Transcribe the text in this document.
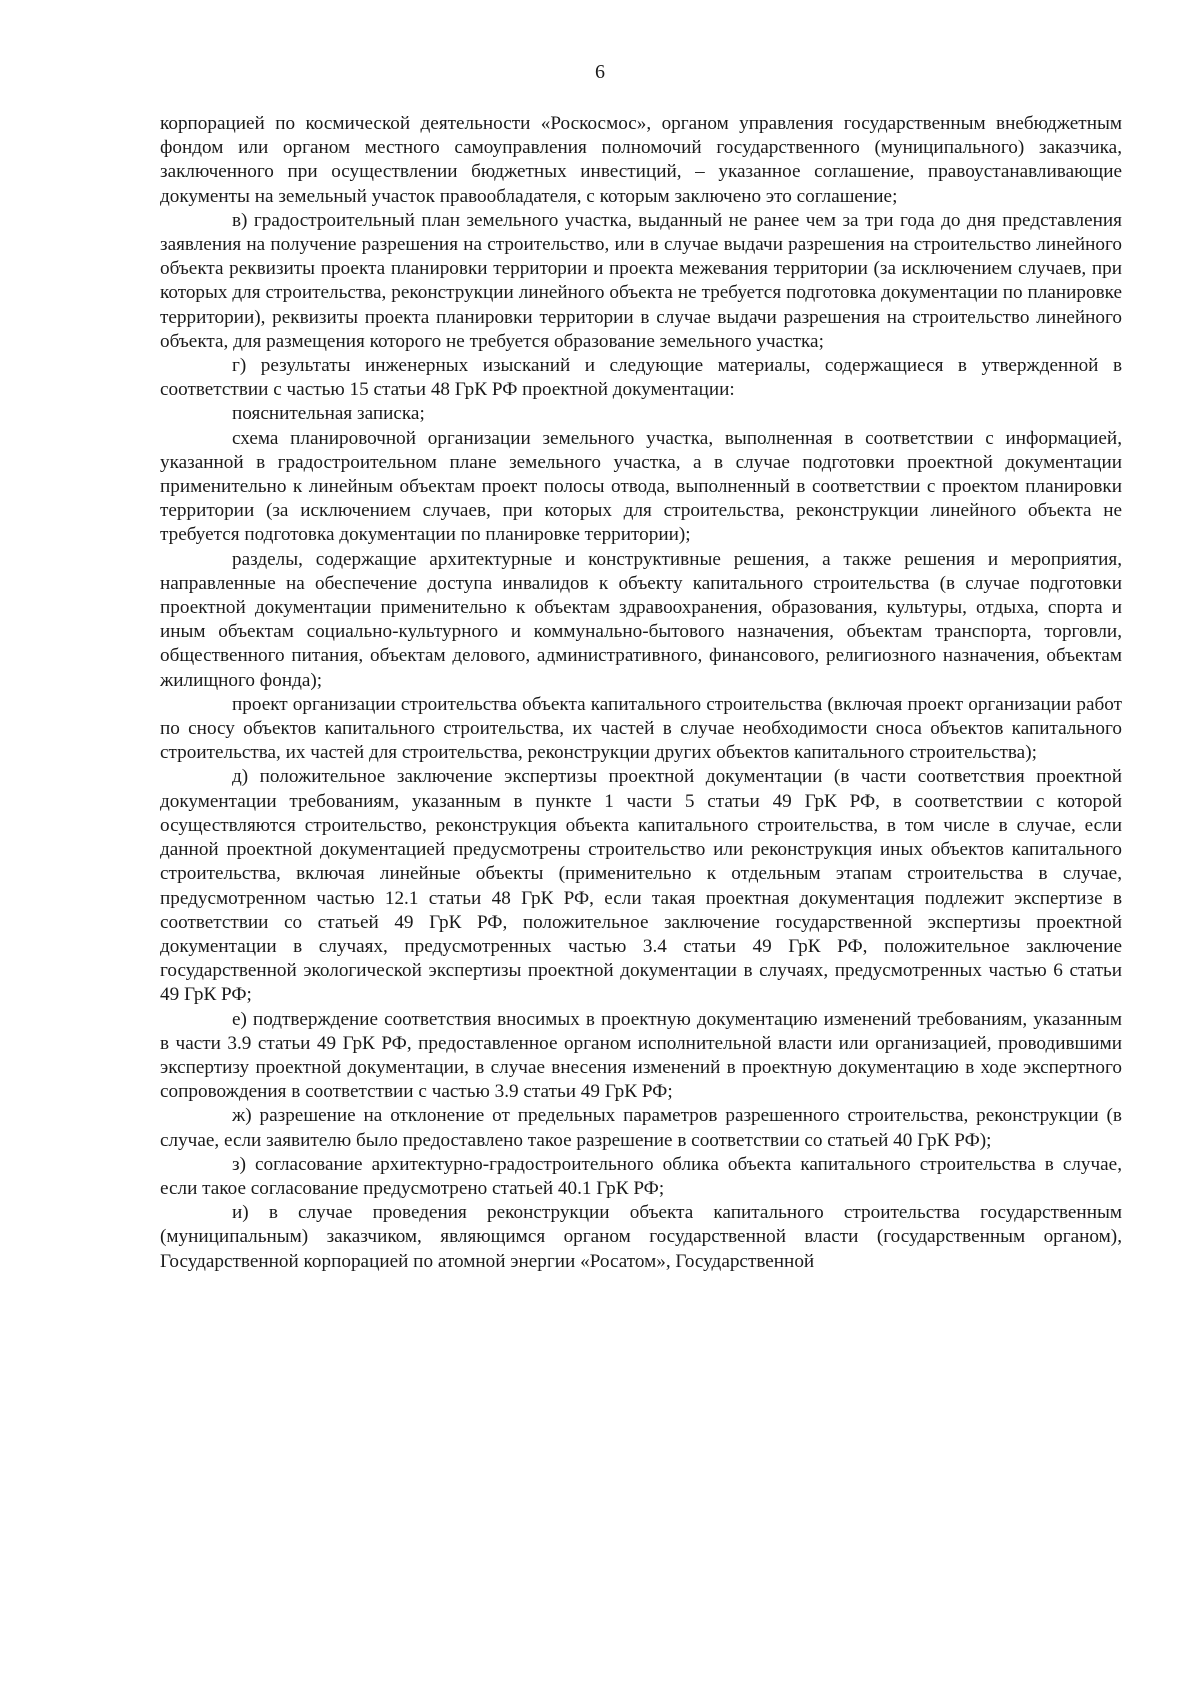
6

корпорацией по космической деятельности «Роскосмос», органом управления государственным внебюджетным фондом или органом местного самоуправления полномочий государственного (муниципального) заказчика, заключенного при осуществлении бюджетных инвестиций, – указанное соглашение, правоустанавливающие документы на земельный участок правообладателя, с которым заключено это соглашение;

в) градостроительный план земельного участка, выданный не ранее чем за три года до дня представления заявления на получение разрешения на строительство, или в случае выдачи разрешения на строительство линейного объекта реквизиты проекта планировки территории и проекта межевания территории (за исключением случаев, при которых для строительства, реконструкции линейного объекта не требуется подготовка документации по планировке территории), реквизиты проекта планировки территории в случае выдачи разрешения на строительство линейного объекта, для размещения которого не требуется образование земельного участка;

г) результаты инженерных изысканий и следующие материалы, содержащиеся в утвержденной в соответствии с частью 15 статьи 48 ГрК РФ проектной документации:

пояснительная записка;

схема планировочной организации земельного участка, выполненная в соответствии с информацией, указанной в градостроительном плане земельного участка, а в случае подготовки проектной документации применительно к линейным объектам проект полосы отвода, выполненный в соответствии с проектом планировки территории (за исключением случаев, при которых для строительства, реконструкции линейного объекта не требуется подготовка документации по планировке территории);

разделы, содержащие архитектурные и конструктивные решения, а также решения и мероприятия, направленные на обеспечение доступа инвалидов к объекту капитального строительства (в случае подготовки проектной документации применительно к объектам здравоохранения, образования, культуры, отдыха, спорта и иным объектам социально-культурного и коммунально-бытового назначения, объектам транспорта, торговли, общественного питания, объектам делового, административного, финансового, религиозного назначения, объектам жилищного фонда);

проект организации строительства объекта капитального строительства (включая проект организации работ по сносу объектов капитального строительства, их частей в случае необходимости сноса объектов капитального строительства, их частей для строительства, реконструкции других объектов капитального строительства);

д) положительное заключение экспертизы проектной документации (в части соответствия проектной документации требованиям, указанным в пункте 1 части 5 статьи 49 ГрК РФ, в соответствии с которой осуществляются строительство, реконструкция объекта капитального строительства, в том числе в случае, если данной проектной документацией предусмотрены строительство или реконструкция иных объектов капитального строительства, включая линейные объекты (применительно к отдельным этапам строительства в случае, предусмотренном частью 12.1 статьи 48 ГрК РФ, если такая проектная документация подлежит экспертизе в соответствии со статьей 49 ГрК РФ, положительное заключение государственной экспертизы проектной документации в случаях, предусмотренных частью 3.4 статьи 49 ГрК РФ, положительное заключение государственной экологической экспертизы проектной документации в случаях, предусмотренных частью 6 статьи 49 ГрК РФ;

е) подтверждение соответствия вносимых в проектную документацию изменений требованиям, указанным в части 3.9 статьи 49 ГрК РФ, предоставленное органом исполнительной власти или организацией, проводившими экспертизу проектной документации, в случае внесения изменений в проектную документацию в ходе экспертного сопровождения в соответствии с частью 3.9 статьи 49 ГрК РФ;

ж) разрешение на отклонение от предельных параметров разрешенного строительства, реконструкции (в случае, если заявителю было предоставлено такое разрешение в соответствии со статьей 40 ГрК РФ);

з) согласование архитектурно-градостроительного облика объекта капитального строительства в случае, если такое согласование предусмотрено статьей 40.1 ГрК РФ;

и) в случае проведения реконструкции объекта капитального строительства государственным (муниципальным) заказчиком, являющимся органом государственной власти (государственным органом), Государственной корпорацией по атомной энергии «Росатом», Государственной
